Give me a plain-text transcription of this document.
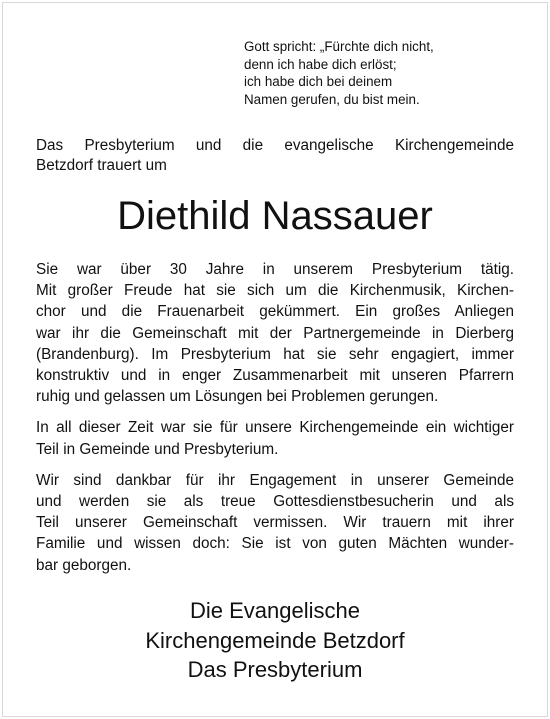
Gott spricht: „Fürchte dich nicht,
denn ich habe dich erlöst;
ich habe dich bei deinem
Namen gerufen, du bist mein.
Das Presbyterium und die evangelische Kirchengemeinde
Betzdorf trauert um
Diethild Nassauer
Sie war über 30 Jahre in unserem Presbyterium tätig.
Mit großer Freude hat sie sich um die Kirchenmusik, Kirchen-
chor und die Frauenarbeit gekümmert. Ein großes Anliegen
war ihr die Gemeinschaft mit der Partnergemeinde in Dierberg
(Brandenburg). Im Presbyterium hat sie sehr engagiert, immer
konstruktiv und in enger Zusammenarbeit mit unseren Pfarrern
ruhig und gelassen um Lösungen bei Problemen gerungen.
In all dieser Zeit war sie für unsere Kirchengemeinde ein wichtiger
Teil in Gemeinde und Presbyterium.
Wir sind dankbar für ihr Engagement in unserer Gemeinde
und werden sie als treue Gottesdienstbesucherin und als
Teil unserer Gemeinschaft vermissen. Wir trauern mit ihrer
Familie und wissen doch: Sie ist von guten Mächten wunder-
bar geborgen.
Die Evangelische
Kirchengemeinde Betzdorf
Das Presbyterium
